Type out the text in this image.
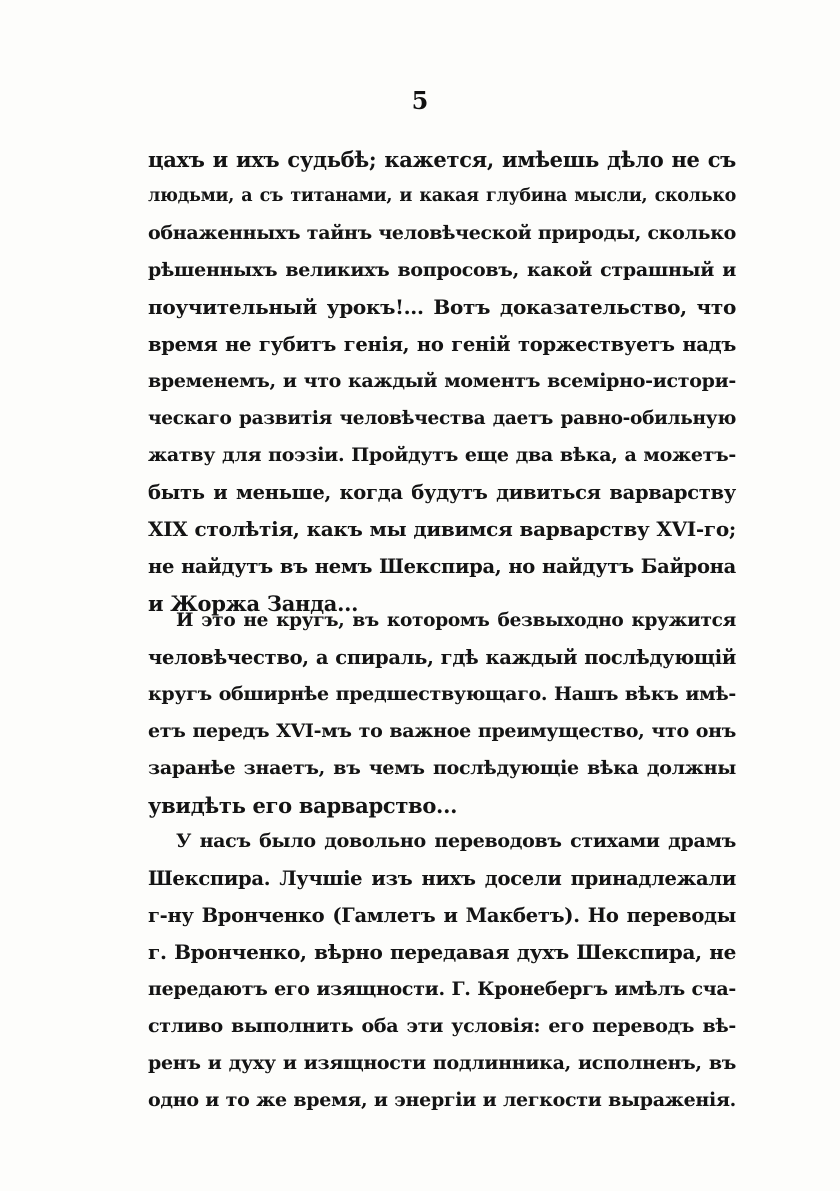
5
цахъ и ихъ судьбѣ; кажется, имѣешь дѣло не съ
людьми, а съ титанами, и какая глубина мысли, сколько
обнаженныхъ тайнъ человѣческой природы, сколько
рѣшенныхъ великихъ вопросовъ, какой страшный и
поучительный урокъ!... Вотъ доказательство, что
время не губитъ генія, но геній торжествуетъ надъ
временемъ, и что каждый моментъ всемірно-истори-
ческаго развитія человѣчества даетъ равно-обильную
жатву для поэзіи. Пройдутъ еще два вѣка, а можетъ-
быть и меньше, когда будутъ дивиться варварству
XIX столѣтія, какъ мы дивимся варварству XVI-го;
не найдутъ въ немъ Шекспира, но найдутъ Байрона
и Жоржа Занда...
И это не кругъ, въ которомъ безвыходно кружится
человѣчество, а спираль, гдѣ каждый послѣдующій
кругъ обширнѣе предшествующаго. Нашъ вѣкъ имѣ-
етъ передъ XVI-мъ то важное преимущество, что онъ
заранѣе знаетъ, въ чемъ послѣдующіе вѣка должны
увидѣть его варварство...
У насъ было довольно переводовъ стихами драмъ
Шекспира. Лучшіе изъ нихъ досели принадлежали
г-ну Вронченко (Гамлетъ и Макбетъ). Но переводы
г. Вронченко, вѣрно передавая духъ Шекспира, не
передаютъ его изящности. Г. Кронебергъ имѣлъ сча-
стливо выполнить оба эти условія: его переводъ вѣ-
ренъ и духу и изящности подлинника, исполненъ, въ
одно и то же время, и энергіи и легкости выраженія.
